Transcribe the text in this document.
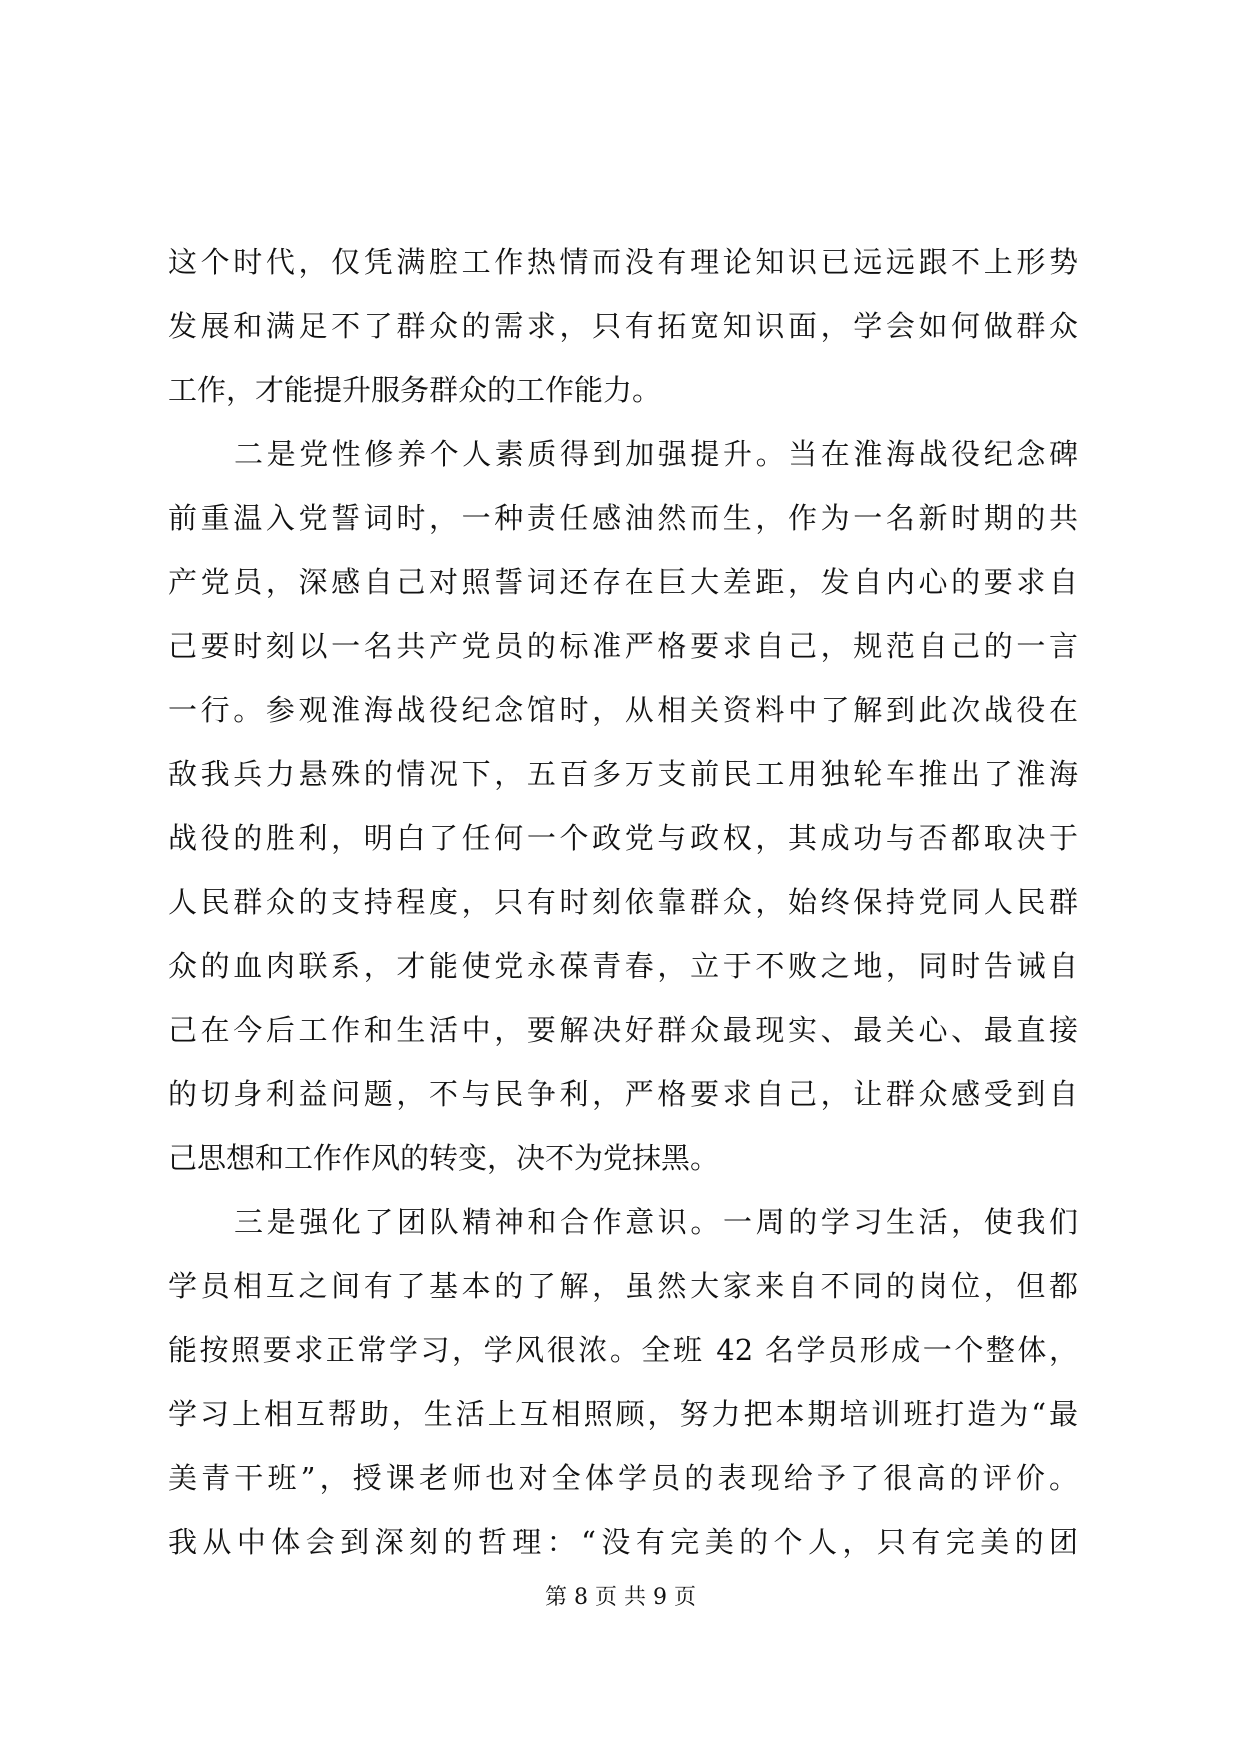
这个时代，仅凭满腔工作热情而没有理论知识已远远跟不上形势
发展和满足不了群众的需求，只有拓宽知识面，学会如何做群众
工作，才能提升服务群众的工作能力。
二是党性修养个人素质得到加强提升。当在淮海战役纪念碑
前重温入党誓词时，一种责任感油然而生，作为一名新时期的共
产党员，深感自己对照誓词还存在巨大差距，发自内心的要求自
己要时刻以一名共产党员的标准严格要求自己，规范自己的一言
一行。参观淮海战役纪念馆时，从相关资料中了解到此次战役在
敌我兵力悬殊的情况下，五百多万支前民工用独轮车推出了淮海
战役的胜利，明白了任何一个政党与政权，其成功与否都取决于
人民群众的支持程度，只有时刻依靠群众，始终保持党同人民群
众的血肉联系，才能使党永葆青春，立于不败之地，同时告诫自
己在今后工作和生活中，要解决好群众最现实、最关心、最直接
的切身利益问题，不与民争利，严格要求自己，让群众感受到自
己思想和工作作风的转变，决不为党抹黑。
三是强化了团队精神和合作意识。一周的学习生活，使我们
学员相互之间有了基本的了解，虽然大家来自不同的岗位，但都
能按照要求正常学习，学风很浓。全班 42 名学员形成一个整体，
学习上相互帮助，生活上互相照顾，努力把本期培训班打造为“最
美青干班”，授课老师也对全体学员的表现给予了很高的评价。
我从中体会到深刻的哲理：“没有完美的个人，只有完美的团
第 8 页 共 9 页
